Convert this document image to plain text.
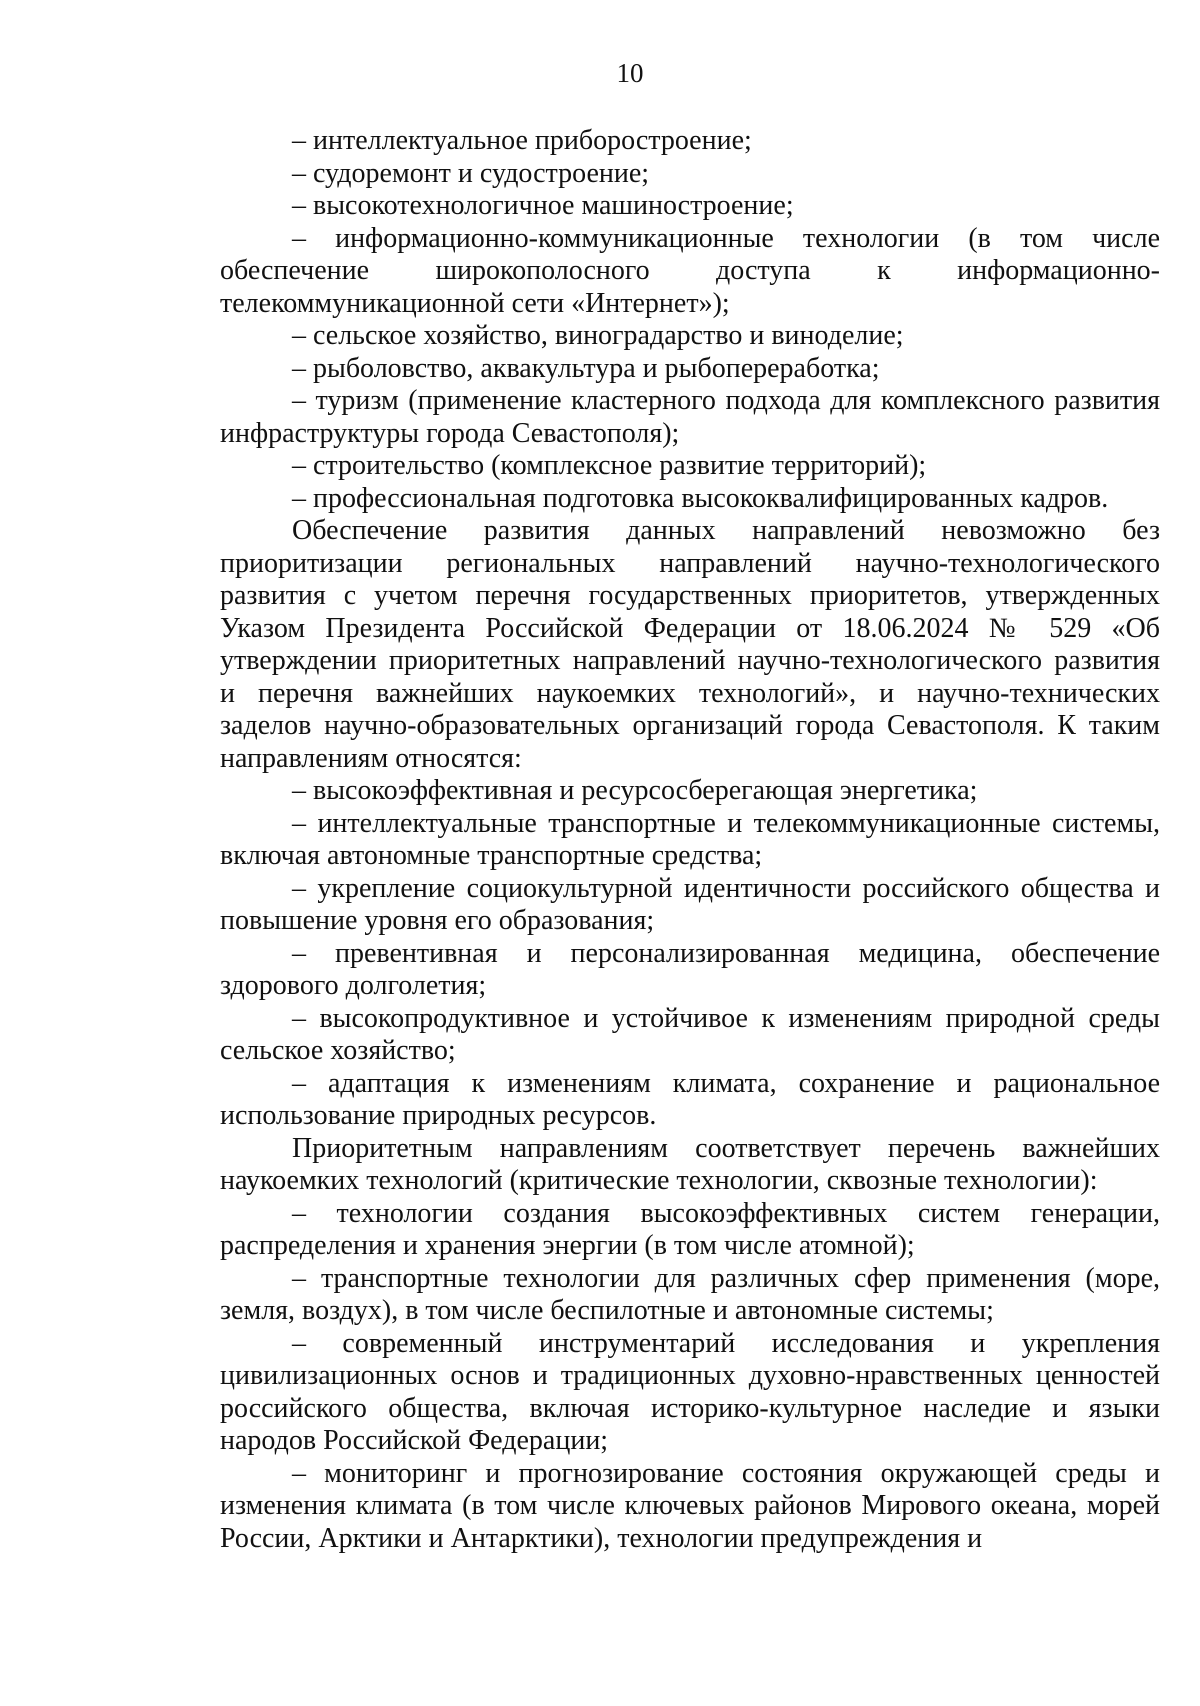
10

– интеллектуальное приборостроение;

– судоремонт и судостроение;

– высокотехнологичное машиностроение;

– информационно-коммуникационные технологии (в том числе обеспечение широкополосного доступа к информационно-телекоммуникационной сети «Интернет»);

– сельское хозяйство, виноградарство и виноделие;

– рыболовство, аквакультура и рыбопереработка;

– туризм (применение кластерного подхода для комплексного развития инфраструктуры города Севастополя);

– строительство (комплексное развитие территорий);

– профессиональная подготовка высококвалифицированных кадров.

Обеспечение развития данных направлений невозможно без приоритизации региональных направлений научно-технологического развития с учетом перечня государственных приоритетов, утвержденных Указом Президента Российской Федерации от 18.06.2024 № 529 «Об утверждении приоритетных направлений научно-технологического развития и перечня важнейших наукоемких технологий», и научно-технических заделов научно-образовательных организаций города Севастополя. К таким направлениям относятся:

– высокоэффективная и ресурсосберегающая энергетика;

– интеллектуальные транспортные и телекоммуникационные системы, включая автономные транспортные средства;

– укрепление социокультурной идентичности российского общества и повышение уровня его образования;

– превентивная и персонализированная медицина, обеспечение здорового долголетия;

– высокопродуктивное и устойчивое к изменениям природной среды сельское хозяйство;

– адаптация к изменениям климата, сохранение и рациональное использование природных ресурсов.

Приоритетным направлениям соответствует перечень важнейших наукоемких технологий (критические технологии, сквозные технологии):

– технологии создания высокоэффективных систем генерации, распределения и хранения энергии (в том числе атомной);

– транспортные технологии для различных сфер применения (море, земля, воздух), в том числе беспилотные и автономные системы;

– современный инструментарий исследования и укрепления цивилизационных основ и традиционных духовно-нравственных ценностей российского общества, включая историко-культурное наследие и языки народов Российской Федерации;

– мониторинг и прогнозирование состояния окружающей среды и изменения климата (в том числе ключевых районов Мирового океана, морей России, Арктики и Антарктики), технологии предупреждения и
